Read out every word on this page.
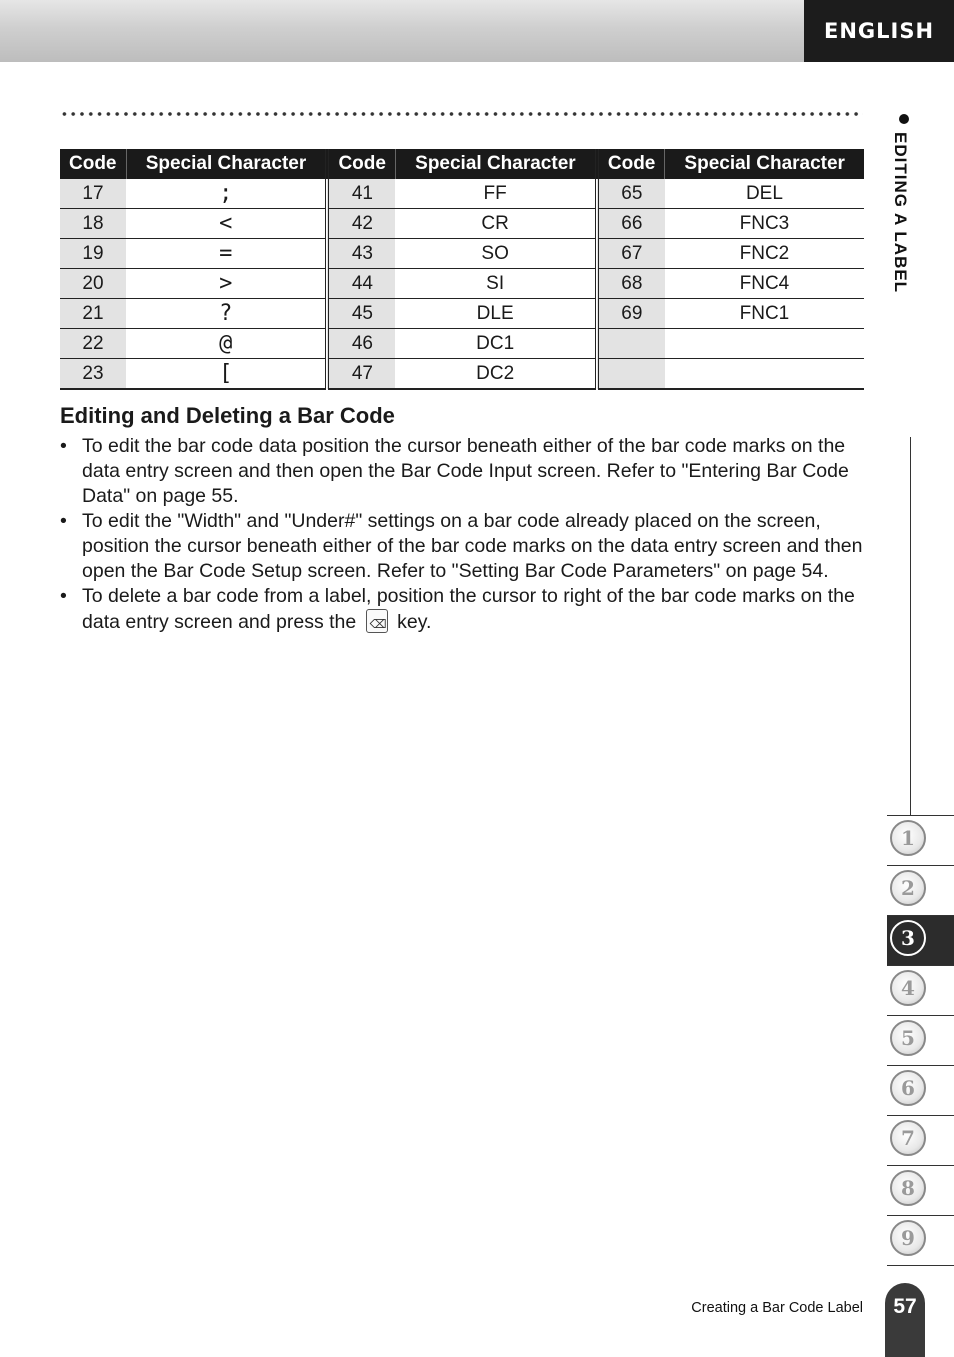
ENGLISH
EDITING A LABEL
Code	Special Character	Code	Special Character	Code	Special Character
17	;	41	FF	65	DEL
18	<	42	CR	66	FNC3
19	=	43	SO	67	FNC2
20	>	44	SI	68	FNC4
21	?	45	DLE	69	FNC1
22	@	46	DC1		
23	[	47	DC2		
Editing and Deleting a Bar Code
• To edit the bar code data position the cursor beneath either of the bar code marks on the data entry screen and then open the Bar Code Input screen. Refer to "Entering Bar Code Data" on page 55.
• To edit the "Width" and "Under#" settings on a bar code already placed on the screen, position the cursor beneath either of the bar code marks on the data entry screen and then open the Bar Code Setup screen. Refer to "Setting Bar Code Parameters" on page 54.
• To delete a bar code from a label, position the cursor to right of the bar code marks on the data entry screen and press the ⌫ key.
1
2
3
4
5
6
7
8
9
Creating a Bar Code Label	57
